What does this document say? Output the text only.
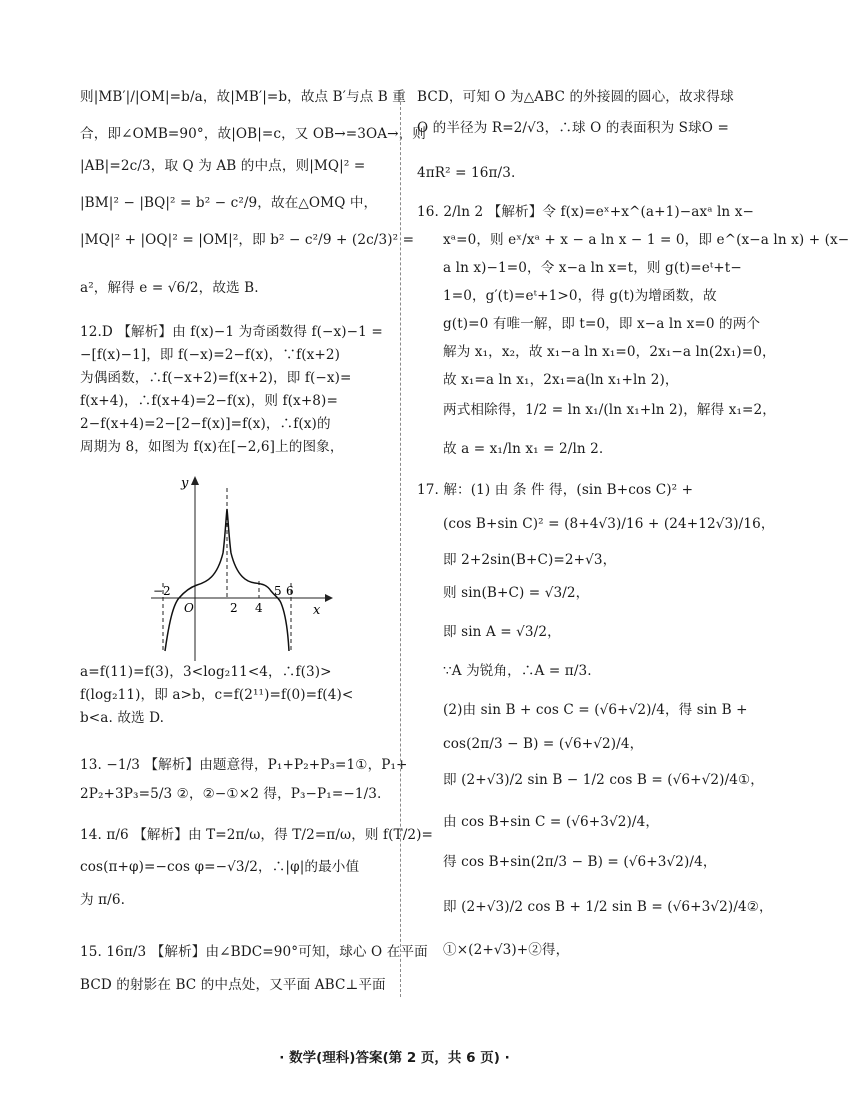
则|MB′|/|OM|=b/a，故|MB′|=b，故点 B′与点 B 重
合，即∠OMB=90°，故|OB|=c，又 OB→=3OA→，则
|AB|=2c/3，取 Q 为 AB 的中点，则|MQ|² =
|BM|² − |BQ|² = b² − c²/9，故在△OMQ 中，
|MQ|² + |OQ|² = |OM|²，即 b² − c²/9 + (2c/3)² =
a²，解得 e = √6/2，故选 B.
12.D 【解析】由 f(x)−1 为奇函数得 f(−x)−1 =
−[f(x)−1]，即 f(−x)=2−f(x)，∵f(x+2)
为偶函数，∴f(−x+2)=f(x+2)，即 f(−x)=
f(x+4)，∴f(x+4)=2−f(x)，则 f(x+8)=
2−f(x+4)=2−[2−f(x)]=f(x)，∴f(x)的
周期为 8，如图为 f(x)在[−2,6]上的图象，
a=f(11)=f(3)，3<log₂11<4，∴f(3)>
f(log₂11)，即 a>b，c=f(2¹¹)=f(0)=f(4)<
b<a. 故选 D.
13. −1/3 【解析】由题意得，P₁+P₂+P₃=1①，P₁+
2P₂+3P₃=5/3 ②，②−①×2 得，P₃−P₁=−1/3.
14. π/6 【解析】由 T=2π/ω，得 T/2=π/ω，则 f(T/2)=
cos(π+φ)=−cos φ=−√3/2，∴|φ|的最小值
为 π/6.
15. 16π/3 【解析】由∠BDC=90°可知，球心 O 在平面
BCD 的射影在 BC 的中点处，又平面 ABC⊥平面
BCD，可知 O 为△ABC 的外接圆的圆心，故求得球
O 的半径为 R=2/√3，∴球 O 的表面积为 S球O =
4πR² = 16π/3.
16. 2/ln 2 【解析】令 f(x)=eˣ+x^(a+1)−axᵃ ln x−
xᵃ=0，则 eˣ/xᵃ + x − a ln x − 1 = 0，即 e^(x−a ln x) + (x−
a ln x)−1=0，令 x−a ln x=t，则 g(t)=eᵗ+t−
1=0，g′(t)=eᵗ+1>0，得 g(t)为增函数，故
g(t)=0 有唯一解，即 t=0，即 x−a ln x=0 的两个
解为 x₁，x₂，故 x₁−a ln x₁=0，2x₁−a ln(2x₁)=0，
故 x₁=a ln x₁，2x₁=a(ln x₁+ln 2)，
两式相除得，1/2 = ln x₁/(ln x₁+ln 2)，解得 x₁=2，
故 a = x₁/ln x₁ = 2/ln 2.
17. 解：(1) 由 条 件 得，(sin B+cos C)² +
(cos B+sin C)² = (8+4√3)/16 + (24+12√3)/16，
即 2+2sin(B+C)=2+√3，
则 sin(B+C) = √3/2，
即 sin A = √3/2，
∵A 为锐角，∴A = π/3.
(2)由 sin B + cos C = (√6+√2)/4，得 sin B +
cos(2π/3 − B) = (√6+√2)/4，
即 (2+√3)/2 sin B − 1/2 cos B = (√6+√2)/4①，
由 cos B+sin C = (√6+3√2)/4，
得 cos B+sin(2π/3 − B) = (√6+3√2)/4，
即 (2+√3)/2 cos B + 1/2 sin B = (√6+3√2)/4②，
①×(2+√3)+②得，
y
x
O
−2
2 4
5 6
· 数学(理科)答案(第 2 页，共 6 页) ·
